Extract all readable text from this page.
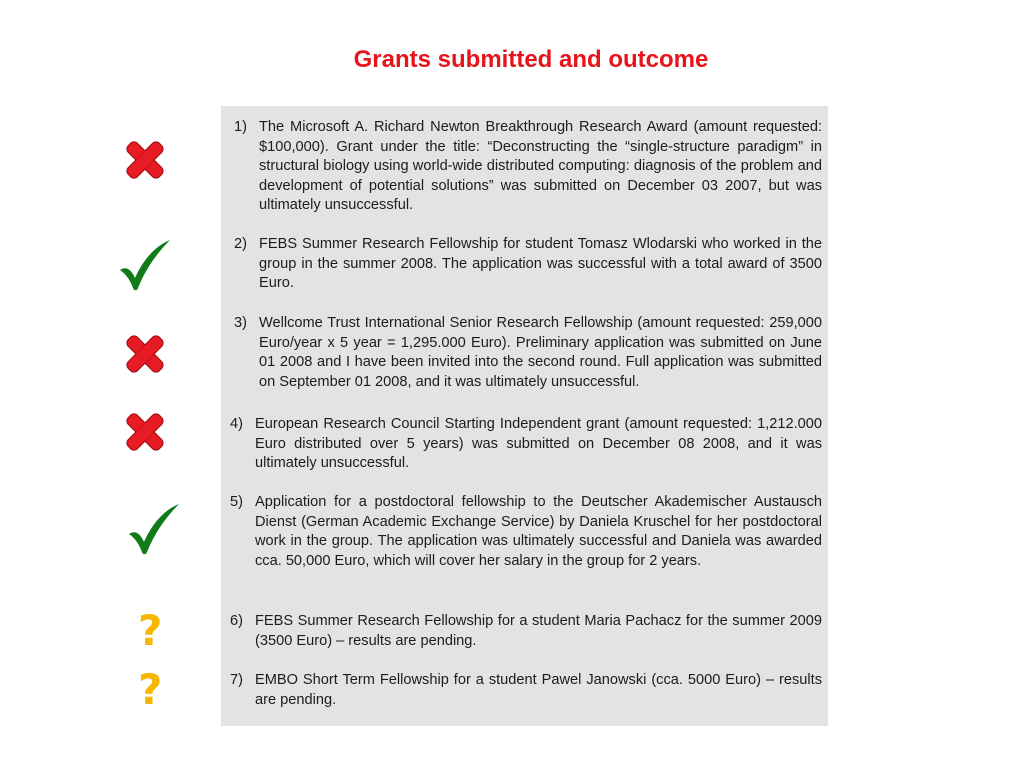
Grants submitted and outcome
1) The Microsoft A. Richard Newton Breakthrough Research Award (amount requested: $100,000). Grant under the title: “Deconstructing the “single-structure paradigm” in structural biology using world-wide distributed computing: diagnosis of the problem and development of potential solutions” was submitted on December 03 2007, but was ultimately unsuccessful.
2) FEBS Summer Research Fellowship for student Tomasz Wlodarski who worked in the group in the summer 2008. The application was successful with a total award of 3500 Euro.
3) Wellcome Trust International Senior Research Fellowship (amount requested: 259,000 Euro/year x 5 year = 1,295.000 Euro). Preliminary application was submitted on June 01 2008 and I have been invited into the second round. Full application was submitted on September 01 2008, and it was ultimately unsuccessful.
4) European Research Council Starting Independent grant (amount requested: 1,212.000 Euro distributed over 5 years) was submitted on December 08 2008, and it was ultimately unsuccessful.
5) Application for a postdoctoral fellowship to the Deutscher Akademischer Austausch Dienst (German Academic Exchange Service) by Daniela Kruschel for her postdoctoral work in the group. The application was ultimately successful and Daniela was awarded cca. 50,000 Euro, which will cover her salary in the group for 2 years.
6) FEBS Summer Research Fellowship for a student Maria Pachacz for the summer 2009 (3500 Euro) – results are pending.
7) EMBO Short Term Fellowship for a student Pawel Janowski (cca. 5000 Euro) – results are pending.
?
?
